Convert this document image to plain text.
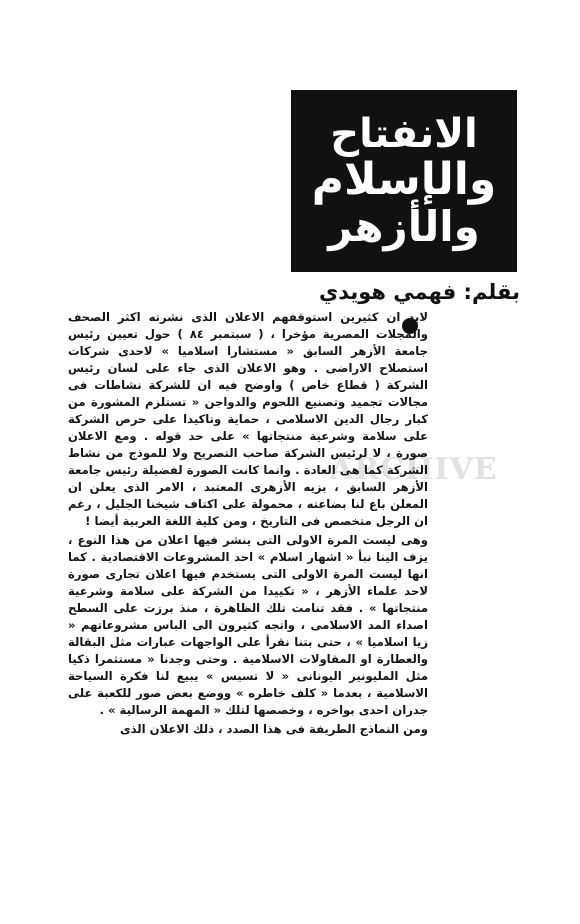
الانفتاح
والإسلام
والأزهر
بقلم: فهمي هويدي
ARCHIVE

لابد ان كثيرين استوقفهم الاعلان الذى نشرته اكثر الصحف والمجلات المصرية مؤخرا ، ( سبتمبر ٨٤ ) حول تعيين رئيس جامعة الأزهر السابق « مستشارا اسلاميا » لاحدى شركات استصلاح الاراضى . وهو الاعلان الذى جاء على لسان رئيس الشركة ( قطاع خاص ) واوضح فيه ان للشركة نشاطات فى مجالات تجميد وتصنيع اللحوم والدواجن « تستلزم المشورة من كبار رجال الدين الاسلامى ، حماية وتاكيدا على حرص الشركة على سلامة وشرعية منتجاتها » على حد قوله . ومع الاعلان صورة ، لا لرئيس الشركة صاحب التصريح ولا للموذج من نشاط الشركة كما هى العادة . وانما كانت الصورة لفضيلة رئيس جامعة الأزهر السابق ، بزيه الأزهرى المعتبد ، الامر الذى يعلن ان المعلن باع لنا بضاعته ، محمولة على اكتاف شيخنا الجليل ، رغم ان الرجل متخصص فى التاريخ ، ومن كلية اللغة العربية أيضا !

وهى ليست المرة الاولى التى ينشر فيها اعلان من هذا النوع ، يزف الينا نبأ « اشهار اسلام » احد المشروعات الاقتصادية . كما انها ليست المرة الاولى التى يستخدم فيها اعلان تجارى صورة لاحد علماء الأزهر ، « تكييدا من الشركة على سلامة وشرعية منتجاتها » . فقد تنامت تلك الظاهرة ، منذ برزت على السطح اصداء المد الاسلامى ، واتجه كثيرون الى الباس مشروعاتهم « زيا اسلاميا » ، حتى بتنا نقرأ على الواجهات عبارات مثل البقالة والعطارة او المقاولات الاسلامية . وحتى وجدنا « مستثمرا ذكيا مثل المليونير اليونانى « لا تسيس » يبيع لنا فكرة السياحة الاسلامية ، بعدما « كلف خاطره » ووضع بعض صور للكعبة على جدران احدى بواخره ، وخصصها لتلك « المهمة الرسالية » .

ومن النماذج الطريفة فى هذا الصدد ، ذلك الاعلان الذى
